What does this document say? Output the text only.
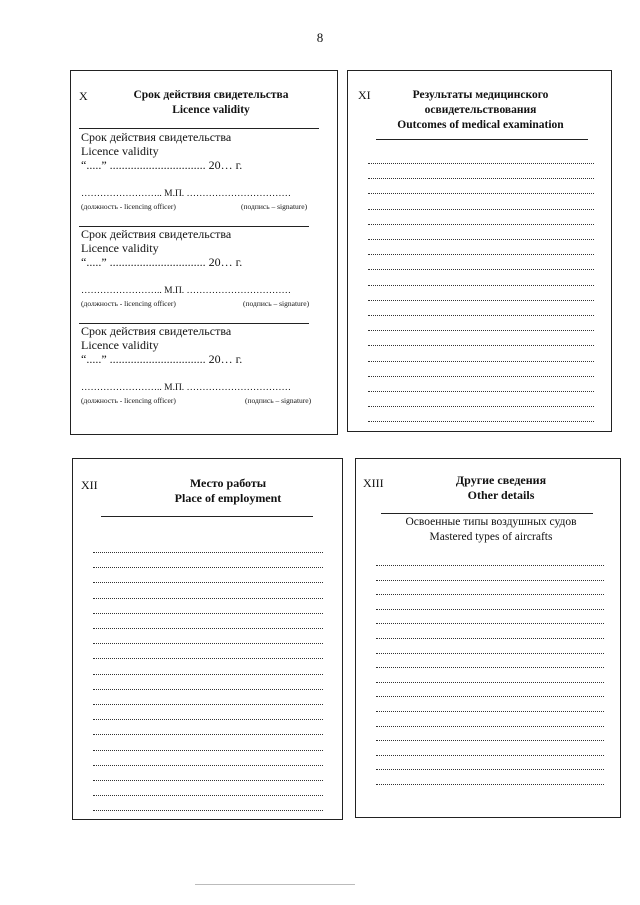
8
X	Срок действия свидетельства
Licence validity
Срок действия свидетельства
Licence validity
“.....” ................................ 20… г.
…………………….. М.П. ……………………………
(должность - licencing officer)	(подпись – signature)
Срок действия свидетельства
Licence validity
“.....” ................................ 20… г.
…………………….. М.П. ……………………………
(должность - licencing officer)	(подпись – signature)
Срок действия свидетельства
Licence validity
“.....” ................................ 20… г.
…………………….. М.П. ……………………………
(должность - licencing officer)	(подпись – signature)
XI	Результаты медицинского
освидетельствования
Outcomes of medical examination
XII	Место работы
Place of employment
XIII	Другие сведения
Other details
Освоенные типы воздушных судов
Mastered types of aircrafts
